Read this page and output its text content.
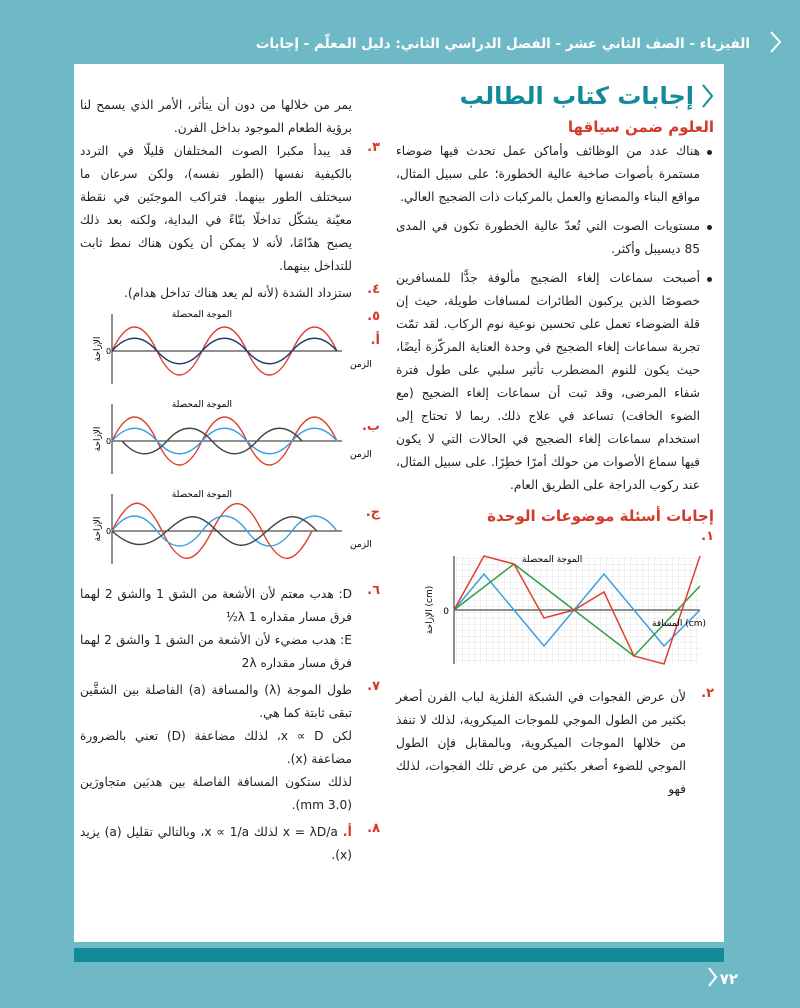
الفيزياء - الصف الثاني عشر - الفصل الدراسي الثاني: دليل المعلّم - إجابات
إجابات كتاب الطالب
العلوم ضمن سياقها
هناك عدد من الوظائف وأماكن عمل تحدث فيها ضوضاء مستمرة بأصوات صاخبة عالية الخطورة؛ على سبيل المثال، مواقع البناء والمصانع والعمل بالمركبات ذات الضجيج العالي.
مستويات الصوت التي تُعدّ عالية الخطورة تكون في المدى 85 ديسيبل وأكثر.
أصبحت سماعات إلغاء الضجيج مألوفة جدًّا للمسافرين خصوصًا الذين يركبون الطائرات لمسافات طويلة، حيث إن قلة الضوضاء تعمل على تحسين نوعية نوم الركاب. لقد تمّت تجربة سماعات إلغاء الضجيج في وحدة العناية المركّزة أيضًا، حيث يكون للنوم المضطرب تأثير سلبي على طول فترة شفاء المرضى، وقد ثبت أن سماعات إلغاء الضجيج (مع الضوء الخافت) تساعد في علاج ذلك. ربما لا تحتاج إلى استخدام سماعات إلغاء الضجيج في الحالات التي لا يكون فيها سماع الأصوات من حولك أمرًا خطِرًا. على سبيل المثال، عند ركوب الدراجة على الطريق العام.
إجابات أسئلة موضوعات الوحدة
١.
0
الموجة المحصلة
الإزاحة (cm)
المسافة (cm)
٢.

لأن عرض الفجوات في الشبكة الفلزية لباب الفرن أصغر بكثير من الطول الموجي للموجات الميكروية، لذلك لا تنفذ من خلالها الموجات الميكروية، وبالمقابل فإن الطول الموجي للضوء أصغر بكثير من عرض تلك الفجوات، لذلك فهو

يمر من خلالها من دون أن يتأثر، الأمر الذي يسمح لنا برؤية الطعام الموجود بداخل الفرن.

٣.

قد يبدأ مكبرا الصوت المختلفان قليلًا في التردد بالكيفية نفسها (الطور نفسه)، ولكن سرعان ما سيختلف الطور بينهما. فتراكب الموجتَين في نقطة معيّنة يشكّل تداخلًا بنّاءً في البداية، ولكنه بعد ذلك يصبح هدّامًا، لأنه لا يمكن أن يكون هناك نمط ثابت للتداخل بينهما.

٤.

ستزداد الشدة (لأنه لم يعد هناك تداخل هدام).

٥.
أ.
0
الموجة المحصلة
الإزاحة
الزمن

ب.
0
الموجة المحصلة
الإزاحة
الزمن

ج.
0
الموجة المحصلة
الإزاحة
الزمن
٦.

D: هدب معتم لأن الأشعة من الشق 1 والشق 2 لهما فرق مسار مقداره λ 1½

E: هدب مضيء لأن الأشعة من الشق 1 والشق 2 لهما فرق مسار مقداره 2λ

٧.

طول الموجة (λ) والمسافة (a) الفاصلة بين الشقَّين تبقى ثابتة كما هي.

لكن x ∝ D، لذلك مضاعفة (D) تعني بالضرورة مضاعفة (x).

لذلك ستكون المسافة الفاصلة بين هدبَين متجاورَين (3.0 mm).

٨.

أ. x = λD/a لذلك x ∝ 1/a، وبالتالي تقليل (a) يزيد (x).

٧٢
